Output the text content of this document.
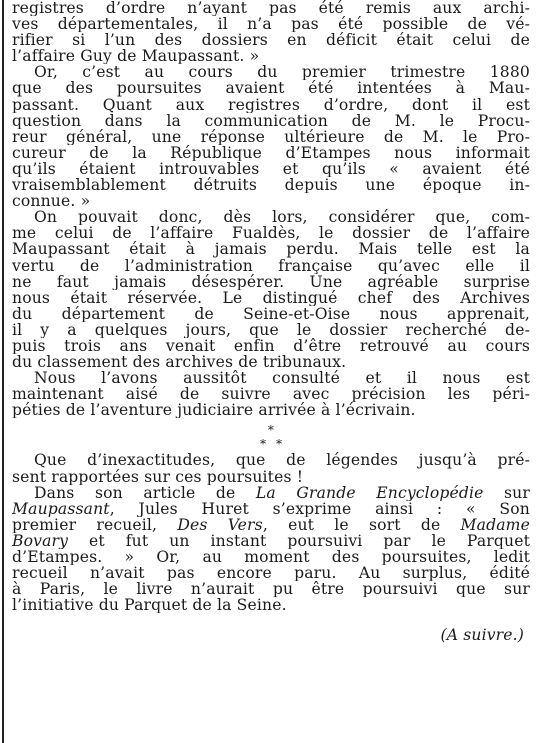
registres d’ordre n’ayant pas été remis aux archi-
ves départementales, il n’a pas été possible de vé-
rifier si l’un des dossiers en déficit était celui de
l’affaire Guy de Maupassant. »
Or, c’est au cours du premier trimestre 1880
que des poursuites avaient été intentées à Mau-
passant. Quant aux registres d’ordre, dont il est
question dans la communication de M. le Procu-
reur général, une réponse ultérieure de M. le Pro-
cureur de la République d’Etampes nous informait
qu’ils étaient introuvables et qu’ils « avaient été
vraisemblablement détruits depuis une époque in-
connue. »
On pouvait donc, dès lors, considérer que, com-
me celui de l’affaire Fualdès, le dossier de l’affaire
Maupassant était à jamais perdu. Mais telle est la
vertu de l’administration française qu’avec elle il
ne faut jamais désespérer. Une agréable surprise
nous était réservée. Le distingué chef des Archives
du département de Seine-et-Oise nous apprenait,
il y a quelques jours, que le dossier recherché de-
puis trois ans venait enfin d’être retrouvé au cours
du classement des archives de tribunaux.
Nous l’avons aussitôt consulté et il nous est
maintenant aisé de suivre avec précision les péri-
péties de l’aventure judiciaire arrivée à l’écrivain.
*
**
Que d’inexactitudes, que de légendes jusqu’à pré-
sent rapportées sur ces poursuites !
Dans son article de La Grande Encyclopédie sur
Maupassant, Jules Huret s’exprime ainsi : « Son
premier recueil, Des Vers, eut le sort de Madame
Bovary et fut un instant poursuivi par le Parquet
d’Etampes. » Or, au moment des poursuites, ledit
recueil n’avait pas encore paru. Au surplus, édité
à Paris, le livre n’aurait pu être poursuivi que sur
l’initiative du Parquet de la Seine.
(A suivre.)
